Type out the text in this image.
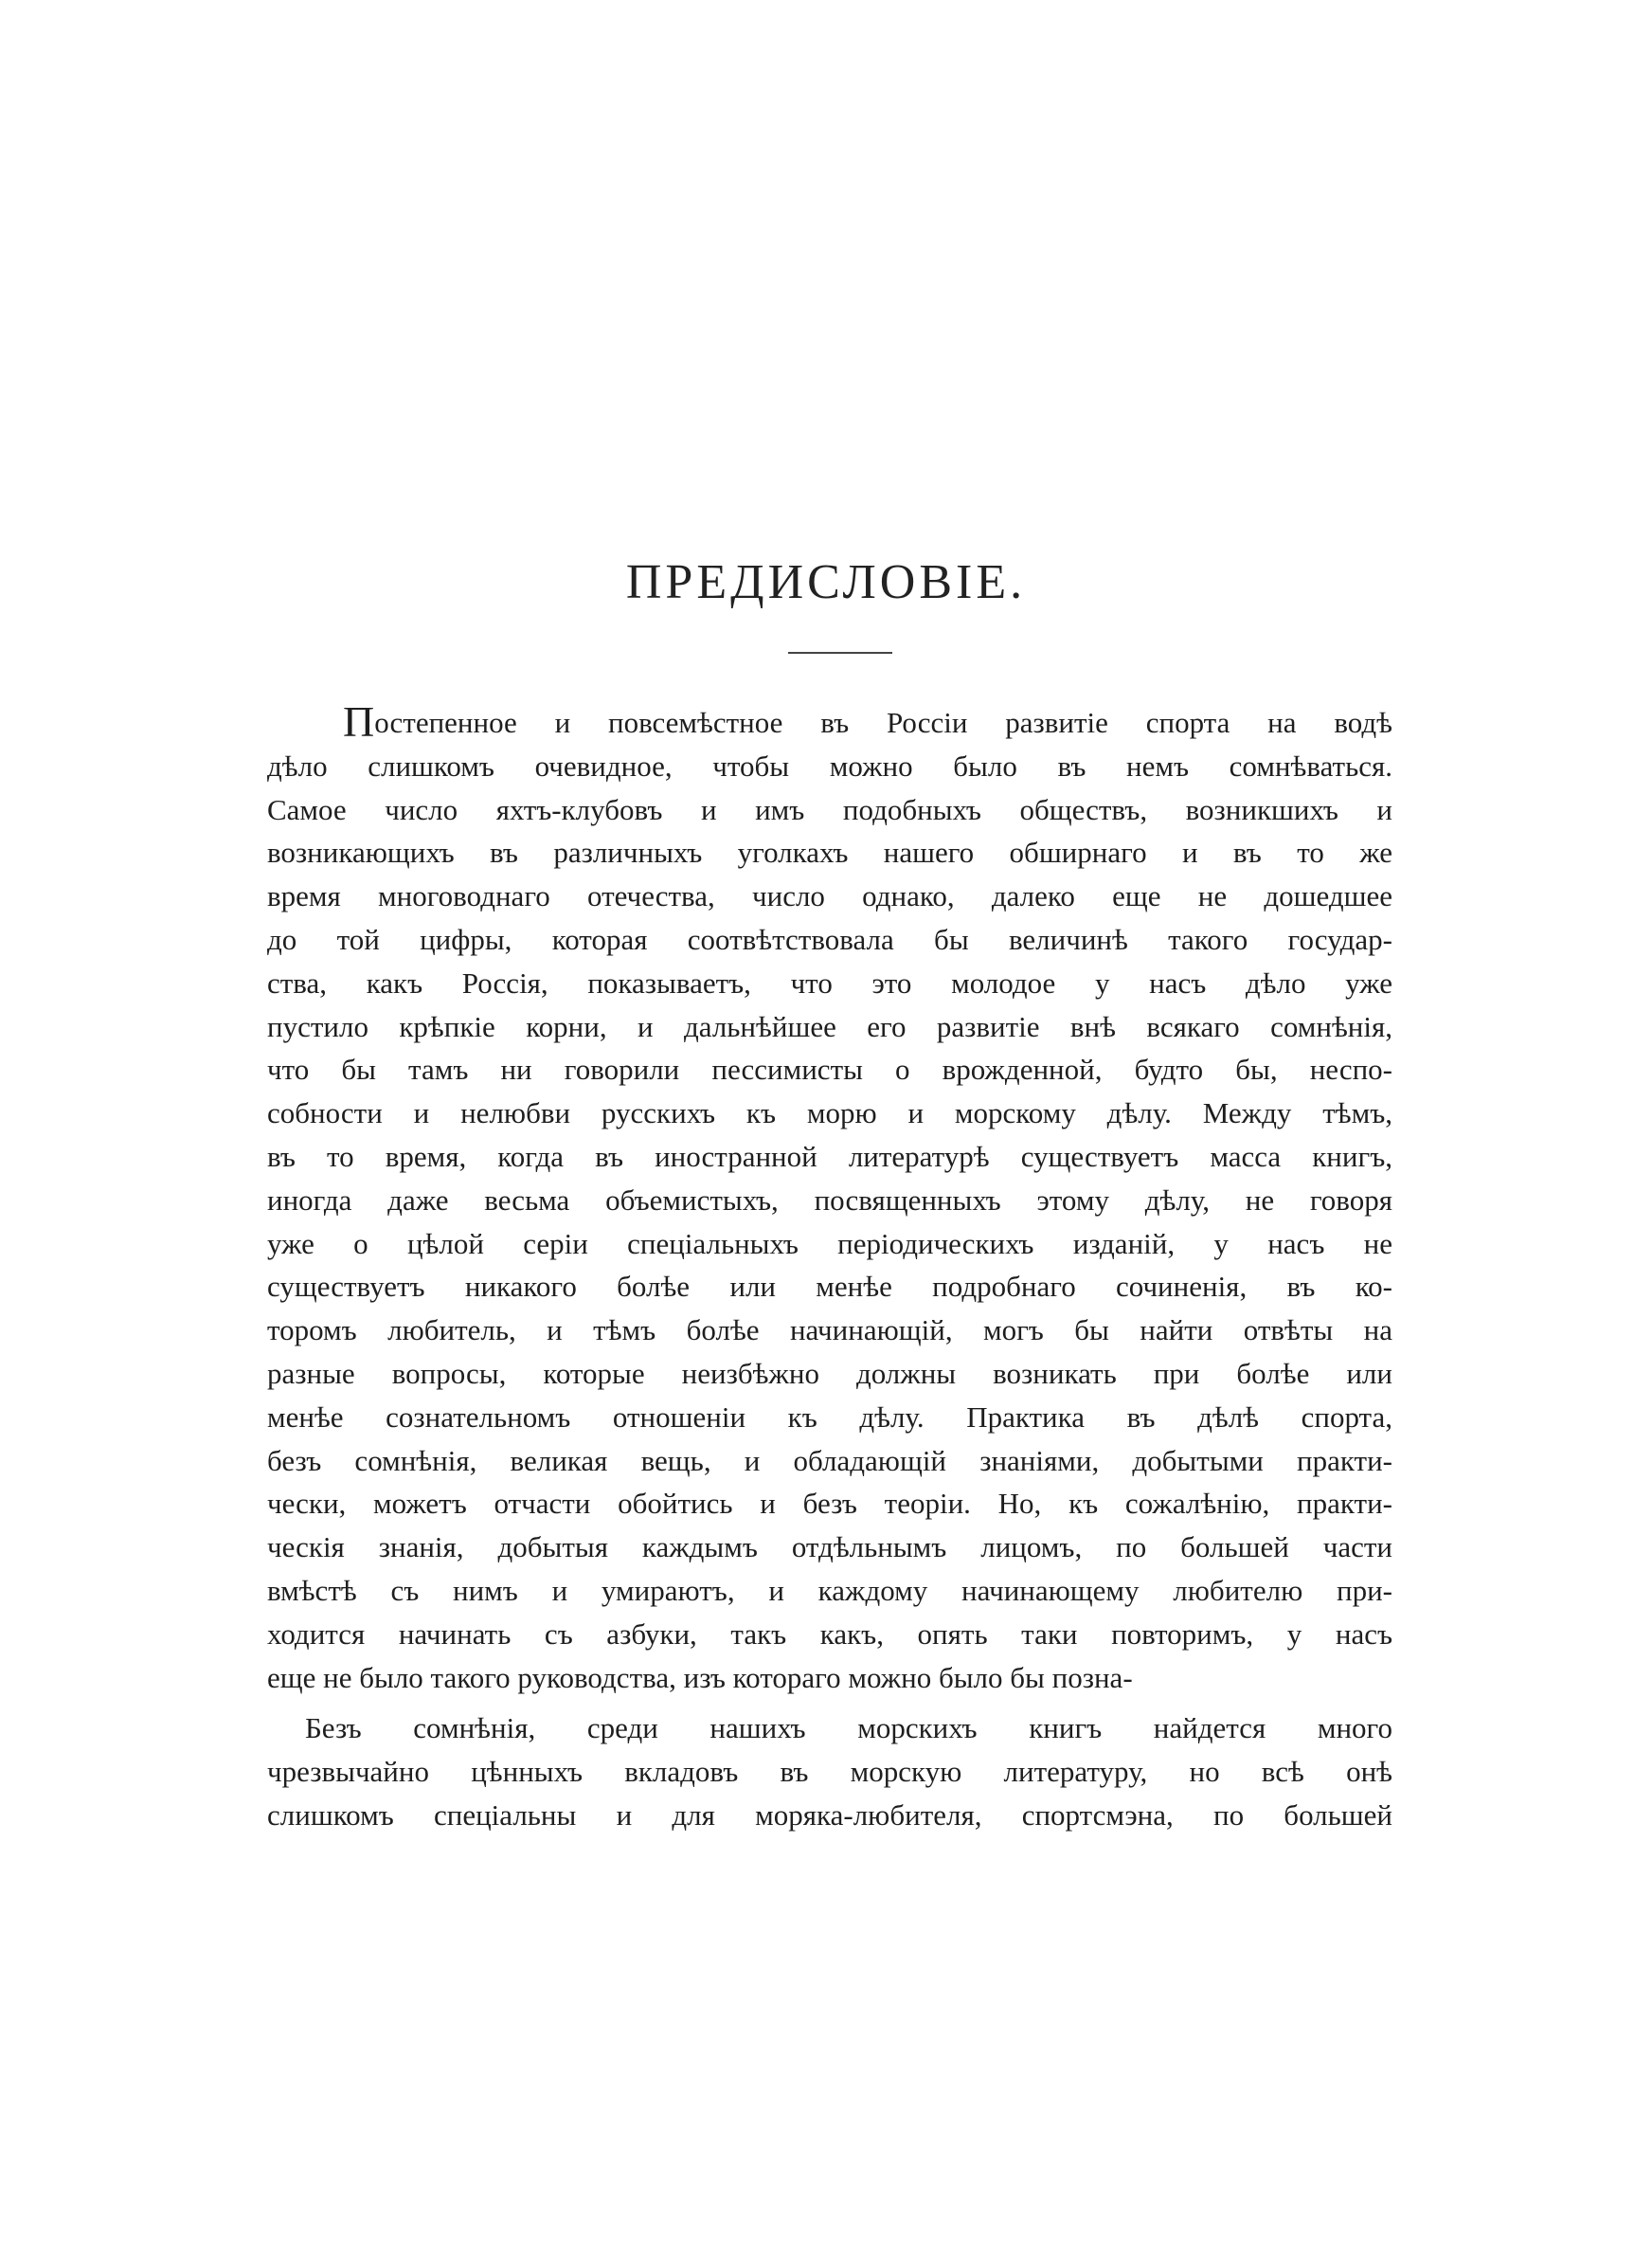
ПРЕДИСЛОВІЕ.
Постепенное и повсемѣстное въ Россіи развитіе спорта на водѣ
дѣло слишкомъ очевидное, чтобы можно было въ немъ сомнѣваться.
Самое число яхтъ-клубовъ и имъ подобныхъ обществъ, возникшихъ и
возникающихъ въ различныхъ уголкахъ нашего обширнаго и въ то же
время многоводнаго отечества, число однако, далеко еще не дошедшее
до той цифры, которая соотвѣтствовала бы величинѣ такого государ-
ства, какъ Россія, показываетъ, что это молодое у насъ дѣло уже
пустило крѣпкіе корни, и дальнѣйшее его развитіе внѣ всякаго сомнѣнія,
что бы тамъ ни говорили пессимисты о врожденной, будто бы, неспо-
собности и нелюбви русскихъ къ морю и морскому дѣлу. Между тѣмъ,
въ то время, когда въ иностранной литературѣ существуетъ масса книгъ,
иногда даже весьма объемистыхъ, посвященныхъ этому дѣлу, не говоря
уже о цѣлой серіи спеціальныхъ періодическихъ изданій, у насъ не
существуетъ никакого болѣе или менѣе подробнаго сочиненія, въ ко-
торомъ любитель, и тѣмъ болѣе начинающій, могъ бы найти отвѣты на
разные вопросы, которые неизбѣжно должны возникать при болѣе или
менѣе сознательномъ отношеніи къ дѣлу. Практика въ дѣлѣ спорта,
безъ сомнѣнія, великая вещь, и обладающій знаніями, добытыми практи-
чески, можетъ отчасти обойтись и безъ теоріи. Но, къ сожалѣнію, практи-
ческія знанія, добытыя каждымъ отдѣльнымъ лицомъ, по большей части
вмѣстѣ съ нимъ и умираютъ, и каждому начинающему любителю при-
ходится начинать съ азбуки, такъ какъ, опять таки повторимъ, у насъ
еще не было такого руководства, изъ котораго можно было бы позна-
Безъ сомнѣнія, среди нашихъ морскихъ книгъ найдется много
чрезвычайно цѣнныхъ вкладовъ въ морскую литературу, но всѣ онѣ
слишкомъ спеціальны и для моряка-любителя, спортсмэна, по большей
